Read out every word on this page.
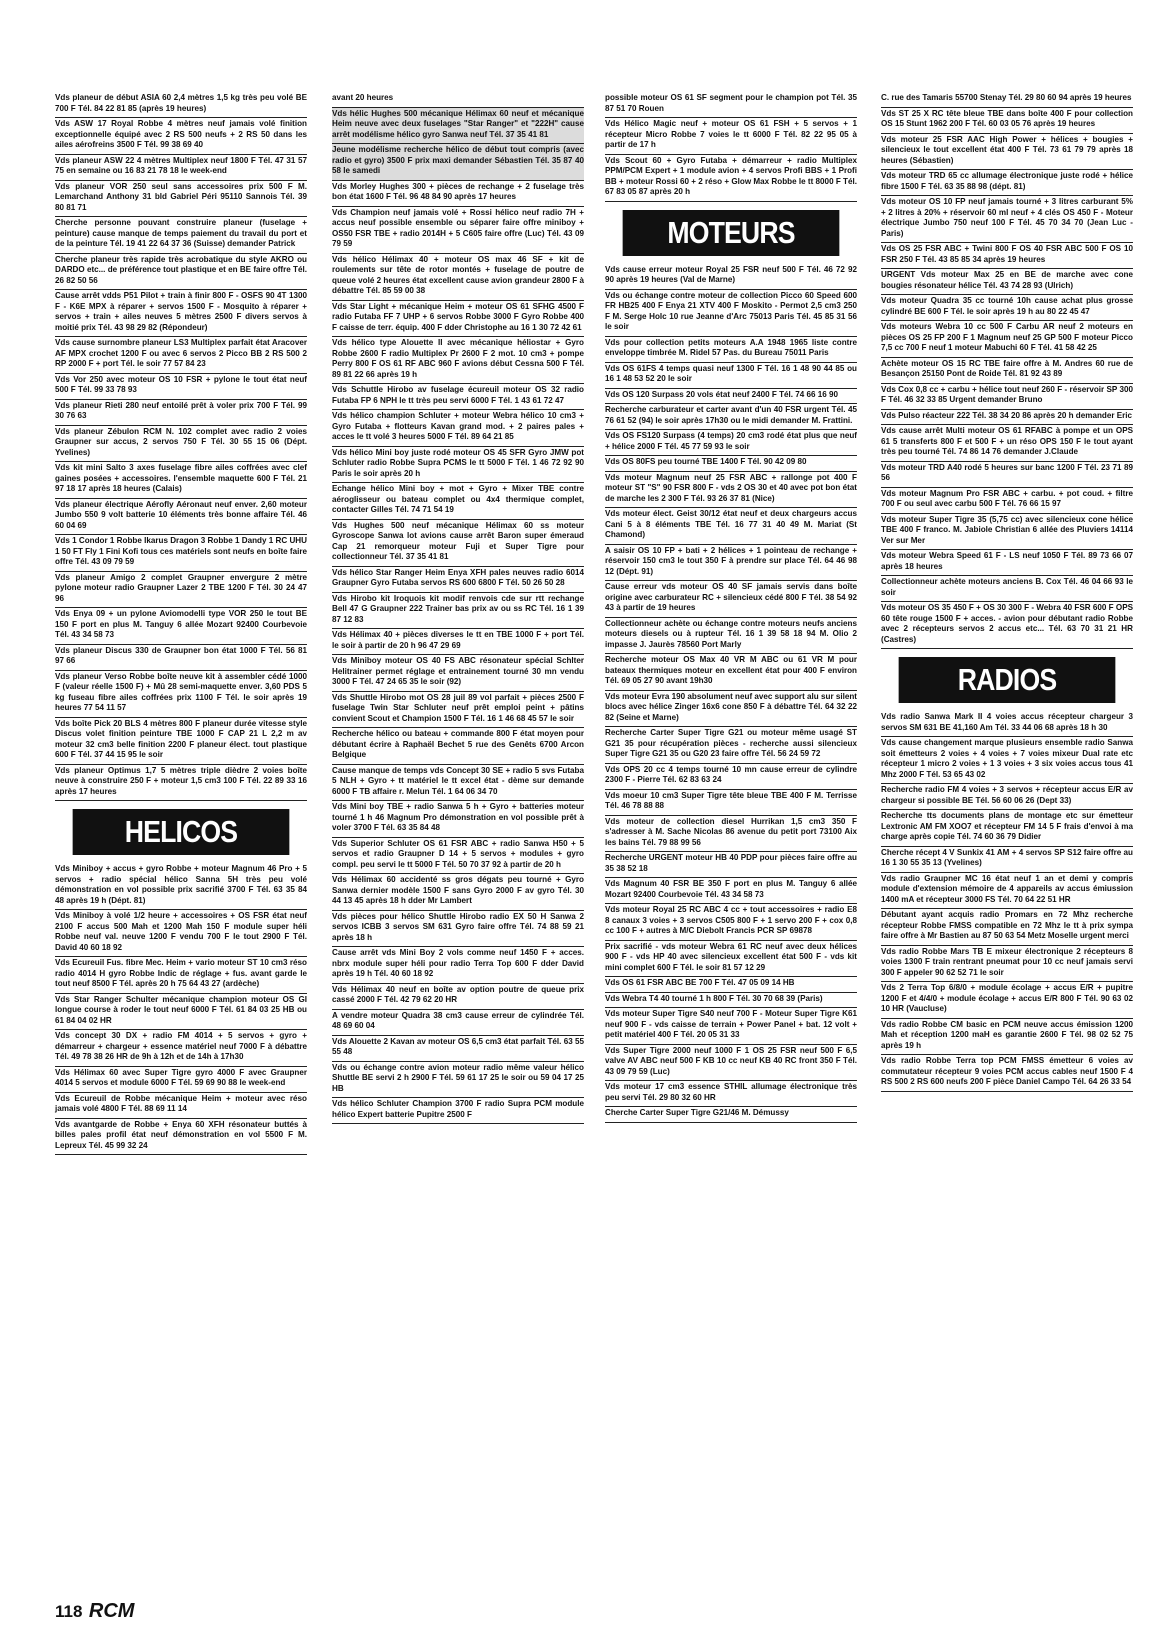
Vds planeur de début ASIA 60 2,4 mètres 1,5 kg très peu volé BE 700 F Tél. 84 22 81 85 (après 19 heures)
Vds ASW 17 Royal Robbe 4 mètres neuf jamais volé finition exceptionnelle équipé avec 2 RS 500 neufs + 2 RS 50 dans les ailes aérofreins 3500 F Tél. 99 38 69 40
Vds planeur ASW 22 4 mètres Multiplex neuf 1800 F Tél. 47 31 57 75 en semaine ou 16 83 21 78 18 le week-end
Vds planeur VOR 250 seul sans accessoires prix 500 F M. Lemarchand Anthony 31 bld Gabriel Péri 95110 Sannois Tél. 39 80 81 71
Cherche personne pouvant construire planeur (fuselage + peinture) cause manque de temps paiement du travail du port et de la peinture Tél. 19 41 22 64 37 36 (Suisse) demander Patrick
Cherche planeur très rapide très acrobatique du style AKRO ou DARDO etc... de préférence tout plastique et en BE faire offre Tél. 26 82 50 56
Cause arrêt vdds P51 Pilot + train à finir 800 F - OSFS 90 4T 1300 F - K6E MPX à réparer + servos 1500 F - Mosquito à réparer + servos + train + ailes neuves 5 mètres 2500 F divers servos à moitié prix Tél. 43 98 29 82 (Répondeur)
Vds cause surnombre planeur LS3 Multiplex parfait état Aracover AF MPX crochet 1200 F ou avec 6 servos 2 Picco BB 2 RS 500 2 RP 2000 F + port Tél. le soir 77 57 84 23
Vds Vor 250 avec moteur OS 10 FSR + pylone le tout état neuf 500 F Tél. 99 33 78 93
Vds planeur Rieti 280 neuf entoilé prêt à voler prix 700 F Tél. 99 30 76 63
Vds planeur Zébulon RCM N. 102 complet avec radio 2 voies Graupner sur accus, 2 servos 750 F Tél. 30 55 15 06 (Dépt. Yvelines)
Vds kit mini Salto 3 axes fuselage fibre ailes coffrées avec clef gaines posées + accessoires. l'ensemble maquette 600 F Tél. 21 97 18 17 après 18 heures (Calais)
Vds planeur électrique Aérofly Aéronaut neuf enver. 2,60 moteur Jumbo 550 9 volt batterie 10 éléments très bonne affaire Tél. 46 60 04 69
Vds 1 Condor 1 Robbe Ikarus Dragon 3 Robbe 1 Dandy 1 RC UHU 1 50 FT Fly 1 Fini Kofi tous ces matériels sont neufs en boîte faire offre Tél. 43 09 79 59
Vds planeur Amigo 2 complet Graupner envergure 2 mètre pylone moteur radio Graupner Lazer 2 TBE 1200 F Tél. 30 24 47 96
Vds Enya 09 + un pylone Aviomodelli type VOR 250 le tout BE 150 F port en plus M. Tanguy 6 allée Mozart 92400 Courbevoie Tél. 43 34 58 73
Vds planeur Discus 330 de Graupner bon état 1000 F Tél. 56 81 97 66
Vds planeur Verso Robbe boîte neuve kit à assembler cédé 1000 F (valeur réelle 1500 F) + Mû 28 semi-maquette enver. 3,60 PDS 5 kg fuseau fibre ailes coffrées prix 1100 F Tél. le soir après 19 heures 77 54 11 57
Vds boîte Pick 20 BLS 4 mètres 800 F planeur durée vitesse style Discus volet finition peinture TBE 1000 F CAP 21 L 2,2 m av moteur 32 cm3 belle finition 2200 F planeur élect. tout plastique 600 F Tél. 37 44 15 95 le soir
Vds planeur Optimus 1,7 5 mètres triple dièdre 2 voies boîte neuve à construire 250 F + moteur 1,5 cm3 100 F Tél. 22 89 33 16 après 17 heures
HELICOS
Vds Miniboy + accus + gyro Robbe + moteur Magnum 46 Pro + 5 servos + radio spécial hélico Sanna 5H très peu volé démonstration en vol possible prix sacrifié 3700 F Tél. 63 35 84 48 après 19 h (Dépt. 81)
Vds Miniboy à volé 1/2 heure + accessoires + OS FSR état neuf 2100 F accus 500 Mah et 1200 Mah 150 F module super héli Robbe neuf val. neuve 1200 F vendu 700 F le tout 2900 F Tél. David 40 60 18 92
Vds Ecureuil Fus. fibre Mec. Heim + vario moteur ST 10 cm3 réso radio 4014 H gyro Robbe Indic de réglage + fus. avant garde le tout neuf 8500 F Tél. après 20 h 75 64 43 27 (ardèche)
Vds Star Ranger Schulter mécanique champion moteur OS GI longue course à roder le tout neuf 6000 F Tél. 61 84 03 25 HB ou 61 84 04 02 HR
Vds concept 30 DX + radio FM 4014 + 5 servos + gyro + démarreur + chargeur + essence matériel neuf 7000 F à débattre Tél. 49 78 38 26 HR de 9h à 12h et de 14h à 17h30
Vds Hélimax 60 avec Super Tigre gyro 4000 F avec Graupner 4014 5 servos et module 6000 F Tél. 59 69 90 88 le week-end
Vds Ecureuil de Robbe mécanique Heim + moteur avec réso jamais volé 4800 F Tél. 88 69 11 14
Vds avantgarde de Robbe + Enya 60 XFH résonateur buttés à billes pales profil état neuf démonstration en vol 5500 F M. Lepreux Tél. 45 99 32 24
avant 20 heures
Vds hélic Hughes 500 mécanique Hélimax 60 neuf et mécanique Heim neuve avec deux fuselages "Star Ranger" et "222H" cause arrêt modélisme hélico gyro Sanwa neuf Tél. 37 35 41 81
Jeune modélisme recherche hélico de début tout compris (avec radio et gyro) 3500 F prix maxi demander Sébastien Tél. 35 87 40 58 le samedi
Vds Morley Hughes 300 + pièces de rechange + 2 fuselage très bon état 1600 F Tél. 96 48 84 90 après 17 heures
Vds Champion neuf jamais volé + Rossi hélico neuf radio 7H + accus neuf possible ensemble ou séparer faire offre miniboy + OS50 FSR TBE + radio 2014H + 5 C605 faire offre (Luc) Tél. 43 09 79 59
Vds hélico Hélimax 40 + moteur OS max 46 SF + kit de roulements sur tête de rotor montés + fuselage de poutre de queue volé 2 heures état excellent cause avion grandeur 2800 F à débattre Tél. 85 59 00 38
Vds Star Light + mécanique Heim + moteur OS 61 SFHG 4500 F radio Futaba FF 7 UHP + 6 servos Robbe 3000 F Gyro Robbe 400 F caisse de terr. équip. 400 F dder Christophe au 16 1 30 72 42 61
Vds hélico type Alouette II avec mécanique héliostar + Gyro Robbe 2600 F radio Multiplex Pr 2600 F 2 mot. 10 cm3 + pompe Perry 800 F OS 61 RF ABC 960 F avions début Cessna 500 F Tél. 89 81 22 66 après 19 h
Vds Schuttle Hirobo av fuselage écureuil moteur OS 32 radio Futaba FP 6 NPH le tt très peu servi 6000 F Tél. 1 43 61 72 47
Vds hélico champion Schluter + moteur Webra hélico 10 cm3 + Gyro Futaba + flotteurs Kavan grand mod. + 2 paires pales + acces le tt volé 3 heures 5000 F Tél. 89 64 21 85
Vds hélico Mini boy juste rodé moteur OS 45 SFR Gyro JMW pot Schluter radio Robbe Supra PCMS le tt 5000 F Tél. 1 46 72 92 90 Paris le soir après 20 h
Echange hélico Mini boy + mot + Gyro + Mixer TBE contre aéroglisseur ou bateau complet ou 4x4 thermique complet, contacter Gilles Tél. 74 71 54 19
Vds Hughes 500 neuf mécanique Hélimax 60 ss moteur Gyroscope Sanwa lot avions cause arrêt Baron super émeraud Cap 21 remorqueur moteur Fuji et Super Tigre pour collectionneur Tél. 37 35 41 81
Vds hélico Star Ranger Heim Enya XFH pales neuves radio 6014 Graupner Gyro Futaba servos RS 600 6800 F Tél. 50 26 50 28
Vds Hirobo kit Iroquois kit modif renvois cde sur rtt rechange Bell 47 G Graupner 222 Trainer bas prix av ou ss RC Tél. 16 1 39 87 12 83
Vds Hélimax 40 + pièces diverses le tt en TBE 1000 F + port Tél. le soir à partir de 20 h 96 47 29 69
Vds Miniboy moteur OS 40 FS ABC résonateur spécial Schlter Helitrainer permet réglage et entrainement tourné 30 mn vendu 3000 F Tél. 47 24 65 35 le soir (92)
Vds Shuttle Hirobo mot OS 28 juil 89 vol parfait + pièces 2500 F fuselage Twin Star Schluter neuf prêt emploi peint + pâtins convient Scout et Champion 1500 F Tél. 16 1 46 68 45 57 le soir
Recherche hélico ou bateau + commande 800 F état moyen pour débutant écrire à Raphaël Bechet 5 rue des Genêts 6700 Arcon Belgique
Cause manque de temps vds Concept 30 SE + radio 5 svs Futaba 5 NLH + Gyro + tt matériel le tt excel état - dème sur demande 6000 F TB affaire r. Melun Tél. 1 64 06 34 70
Vds Mini boy TBE + radio Sanwa 5 h + Gyro + batteries moteur tourné 1 h 46 Magnum Pro démonstration en vol possible prêt à voler 3700 F Tél. 63 35 84 48
Vds Superior Schluter OS 61 FSR ABC + radio Sanwa H50 + 5 servos et radio Graupner D 14 + 5 servos + modules + gyro compl. peu servi le tt 5000 F Tél. 50 70 37 92 à partir de 20 h
Vds Hélimax 60 accidenté ss gros dégats peu tourné + Gyro Sanwa dernier modèle 1500 F sans Gyro 2000 F av gyro Tél. 30 44 13 45 après 18 h dder Mr Lambert
Vds pièces pour hélico Shuttle Hirobo radio EX 50 H Sanwa 2 servos ICBB 3 servos SM 631 Gyro faire offre Tél. 74 88 59 21 après 18 h
Cause arrêt vds Mini Boy 2 vols comme neuf 1450 F + acces. nbrx module super héli pour radio Terra Top 600 F dder David après 19 h Tél. 40 60 18 92
Vds Hélimax 40 neuf en boîte av option poutre de queue prix cassé 2000 F Tél. 42 79 62 20 HR
A vendre moteur Quadra 38 cm3 cause erreur de cylindrée Tél. 48 69 60 04
Vds Alouette 2 Kavan av moteur OS 6,5 cm3 état parfait Tél. 63 55 55 48
Vds ou échange contre avion moteur radio même valeur hélico Shuttle BE servi 2 h 2900 F Tél. 59 61 17 25 le soir ou 59 04 17 25 HB
Vds hélico Schluter Champion 3700 F radio Supra PCM module hélico Expert batterie Pupitre 2500 F
possible moteur OS 61 SF segment pour le champion pot Tél. 35 87 51 70 Rouen
Vds Hélico Magic neuf + moteur OS 61 FSH + 5 servos + 1 récepteur Micro Robbe 7 voies le tt 6000 F Tél. 82 22 95 05 à partir de 17 h
Vds Scout 60 + Gyro Futaba + démarreur + radio Multiplex PPM/PCM Expert + 1 module avion + 4 servos Profi BBS + 1 Profi BB + moteur Rossi 60 + 2 réso + Glow Max Robbe le tt 8000 F Tél. 67 83 05 87 après 20 h
MOTEURS
Vds cause erreur moteur Royal 25 FSR neuf 500 F Tél. 46 72 92 90 après 19 heures (Val de Marne)
Vds ou échange contre moteur de collection Picco 60 Speed 600 FR HB25 400 F Enya 21 XTV 400 F Moskito - Permot 2,5 cm3 250 F M. Serge Holc 10 rue Jeanne d'Arc 75013 Paris Tél. 45 85 31 56 le soir
Vds pour collection petits moteurs A.A 1948 1965 liste contre enveloppe timbrée M. Ridel 57 Pas. du Bureau 75011 Paris
Vds OS 61FS 4 temps quasi neuf 1300 F Tél. 16 1 48 90 44 85 ou 16 1 48 53 52 20 le soir
Vds OS 120 Surpass 20 vols état neuf 2400 F Tél. 74 66 16 90
Recherche carburateur et carter avant d'un 40 FSR urgent Tél. 45 76 61 52 (94) le soir après 17h30 ou le midi demander M. Frattini.
Vds OS FS120 Surpass (4 temps) 20 cm3 rodé état plus que neuf + hélice 2000 F Tél. 45 77 59 93 le soir
Vds OS 80FS peu tourné TBE 1400 F Tél. 90 42 09 80
Vds moteur Magnum neuf 25 FSR ABC + rallonge pot 400 F moteur ST "S" 90 FSR 800 F - vds 2 OS 30 et 40 avec pot bon état de marche les 2 300 F Tél. 93 26 37 81 (Nice)
Vds moteur élect. Geist 30/12 état neuf et deux chargeurs accus Cani 5 à 8 éléments TBE Tél. 16 77 31 40 49 M. Mariat (St Chamond)
A saisir OS 10 FP + bati + 2 hélices + 1 pointeau de rechange + réservoir 150 cm3 le tout 350 F à prendre sur place Tél. 64 46 98 12 (Dépt. 91)
Cause erreur vds moteur OS 40 SF jamais servis dans boîte origine avec carburateur RC + silencieux cédé 800 F Tél. 38 54 92 43 à partir de 19 heures
Collectionneur achète ou échange contre moteurs neufs anciens moteurs diesels ou à rupteur Tél. 16 1 39 58 18 94 M. Olio 2 impasse J. Jaurès 78560 Port Marly
Recherche moteur OS Max 40 VR M ABC ou 61 VR M pour bateaux thermiques moteur en excellent état pour 400 F environ Tél. 69 05 27 90 avant 19h30
Vds moteur Evra 190 absolument neuf avec support alu sur silent blocs avec hélice Zinger 16x6 cone 850 F à débattre Tél. 64 32 22 82 (Seine et Marne)
Recherche Carter Super Tigre G21 ou moteur même usagé ST G21 35 pour récupération pièces - recherche aussi silencieux Super Tigre G21 35 ou G20 23 faire offre Tél. 56 24 59 72
Vds OPS 20 cc 4 temps tourné 10 mn cause erreur de cylindre 2300 F - Pierre Tél. 62 83 63 24
Vds moeur 10 cm3 Super Tigre tête bleue TBE 400 F M. Terrisse Tél. 46 78 88 88
Vds moteur de collection diesel Hurrikan 1,5 cm3 350 F s'adresser à M. Sache Nicolas 86 avenue du petit port 73100 Aix les bains Tél. 79 88 99 56
Recherche URGENT moteur HB 40 PDP pour pièces faire offre au 35 38 52 18
Vds Magnum 40 FSR BE 350 F port en plus M. Tanguy 6 allée Mozart 92400 Courbevoie Tél. 43 34 58 73
Vds moteur Royal 25 RC ABC 4 cc + tout accessoires + radio E8 8 canaux 3 voies + 3 servos C505 800 F + 1 servo 200 F + cox 0,8 cc 100 F + autres à M/C Diebolt Francis PCR SP 69878
Prix sacrifié - vds moteur Webra 61 RC neuf avec deux hélices 900 F - vds HP 40 avec silencieux excellent état 500 F - vds kit mini complet 600 F Tél. le soir 81 57 12 29
Vds OS 61 FSR ABC BE 700 F Tél. 47 05 09 14 HB
Vds Webra T4 40 tourné 1 h 800 F Tél. 30 70 68 39 (Paris)
Vds moteur Super Tigre S40 neuf 700 F - Moteur Super Tigre K61 neuf 900 F - vds caisse de terrain + Power Panel + bat. 12 volt + petit matériel 400 F Tél. 20 05 31 33
Vds Super Tigre 2000 neuf 1000 F 1 OS 25 FSR neuf 500 F 6,5 valve AV ABC neuf 500 F KB 10 cc neuf KB 40 RC front 350 F Tél. 43 09 79 59 (Luc)
Vds moteur 17 cm3 essence STHIL allumage électronique très peu servi Tél. 29 80 32 60 HR
Cherche Carter Super Tigre G21/46 M. Démussy
C. rue des Tamaris 55700 Stenay Tél. 29 80 60 94 après 19 heures
Vds ST 25 X RC tête bleue TBE dans boîte 400 F pour collection OS 15 Stunt 1962 200 F Tél. 60 03 05 76 après 19 heures
Vds moteur 25 FSR AAC High Power + hélices + bougies + silencieux le tout excellent état 400 F Tél. 73 61 79 79 après 18 heures (Sébastien)
Vds moteur TRD 65 cc allumage électronique juste rodé + hélice fibre 1500 F Tél. 63 35 88 98 (dépt. 81)
Vds moteur OS 10 FP neuf jamais tourné + 3 litres carburant 5% + 2 litres à 20% + réservoir 60 ml neuf + 4 clés OS 450 F - Moteur électrique Jumbo 750 neuf 100 F Tél. 45 70 34 70 (Jean Luc - Paris)
Vds OS 25 FSR ABC + Twini 800 F OS 40 FSR ABC 500 F OS 10 FSR 250 F Tél. 43 85 85 34 après 19 heures
URGENT Vds moteur Max 25 en BE de marche avec cone bougies résonateur hélice Tél. 43 74 28 93 (Ulrich)
Vds moteur Quadra 35 cc tourné 10h cause achat plus grosse cylindré BE 600 F Tél. le soir après 19 h au 80 22 45 47
Vds moteurs Webra 10 cc 500 F Carbu AR neuf 2 moteurs en pièces OS 25 FP 200 F 1 Magnum neuf 25 GP 500 F moteur Picco 7,5 cc 700 F neuf 1 moteur Mabuchi 60 F Tél. 41 58 42 25
Achète moteur OS 15 RC TBE faire offre à M. Andres 60 rue de Besançon 25150 Pont de Roide Tél. 81 92 43 89
Vds Cox 0,8 cc + carbu + hélice tout neuf 260 F - réservoir SP 300 F Tél. 46 32 33 85 Urgent demander Bruno
Vds Pulso réacteur 222 Tél. 38 34 20 86 après 20 h demander Eric
Vds cause arrêt Multi moteur OS 61 RFABC à pompe et un OPS 61 5 transferts 800 F et 500 F + un réso OPS 150 F le tout ayant très peu tourné Tél. 74 86 14 76 demander J.Claude
Vds moteur TRD A40 rodé 5 heures sur banc 1200 F Tél. 23 71 89 56
Vds moteur Magnum Pro FSR ABC + carbu. + pot coud. + filtre 700 F ou seul avec carbu 500 F Tél. 76 66 15 97
Vds moteur Super Tigre 35 (5,75 cc) avec silencieux cone hélice TBE 400 F franco. M. Jabiole Christian 6 allée des Pluviers 14114 Ver sur Mer
Vds moteur Webra Speed 61 F - LS neuf 1050 F Tél. 89 73 66 07 après 18 heures
Collectionneur achète moteurs anciens B. Cox Tél. 46 04 66 93 le soir
Vds moteur OS 35 450 F + OS 30 300 F - Webra 40 FSR 600 F OPS 60 tête rouge 1500 F + acces. - avion pour débutant radio Robbe avec 2 récepteurs servos 2 accus etc... Tél. 63 70 31 21 HR (Castres)
RADIOS
Vds radio Sanwa Mark II 4 voies accus récepteur chargeur 3 servos SM 631 BE 41,160 Am Tél. 33 44 06 68 après 18 h 30
Vds cause changement marque plusieurs ensemble radio Sanwa soit émetteurs 2 voies + 4 voies + 7 voies mixeur Dual rate etc récepteur 1 micro 2 voies + 1 3 voies + 3 six voies accus tous 41 Mhz 2000 F Tél. 53 65 43 02
Recherche radio FM 4 voies + 3 servos + récepteur accus E/R av chargeur si possible BE Tél. 56 60 06 26 (Dept 33)
Recherche tts documents plans de montage etc sur émetteur Lextronic AM FM XOO7 et récepteur FM 14 5 F frais d'envoi à ma charge après copie Tél. 74 60 36 79 Didier
Cherche récept 4 V Sunkix 41 AM + 4 servos SP S12 faire offre au 16 1 30 55 35 13 (Yvelines)
Vds radio Graupner MC 16 état neuf 1 an et demi y compris module d'extension mémoire de 4 appareils av accus émiussion 1400 mA et récepteur 3000 FS Tél. 70 64 22 51 HR
Débutant ayant acquis radio Promars en 72 Mhz recherche récepteur Robbe FMSS compatible en 72 Mhz le tt à prix sympa faire offre à Mr Bastien au 87 50 63 54 Metz Moselle urgent merci
Vds radio Robbe Mars TB E mixeur électronique 2 récepteurs 8 voies 1300 F train rentrant pneumat pour 10 cc neuf jamais servi 300 F appeler 90 62 52 71 le soir
Vds 2 Terra Top 6/8/0 + module écolage + accus E/R + pupitre 1200 F et 4/4/0 + module écolage + accus E/R 800 F Tél. 90 63 02 10 HR (Vaucluse)
Vds radio Robbe CM basic en PCM neuve accus émission 1200 Mah et réception 1200 maH es garantie 2600 F Tél. 98 02 52 75 après 19 h
Vds radio Robbe Terra top PCM FMSS émetteur 6 voies av commutateur récepteur 9 voies PCM accus cables neuf 1500 F 4 RS 500 2 RS 600 neufs 200 F pièce Daniel Campo Tél. 64 26 33 54
118 RCM
